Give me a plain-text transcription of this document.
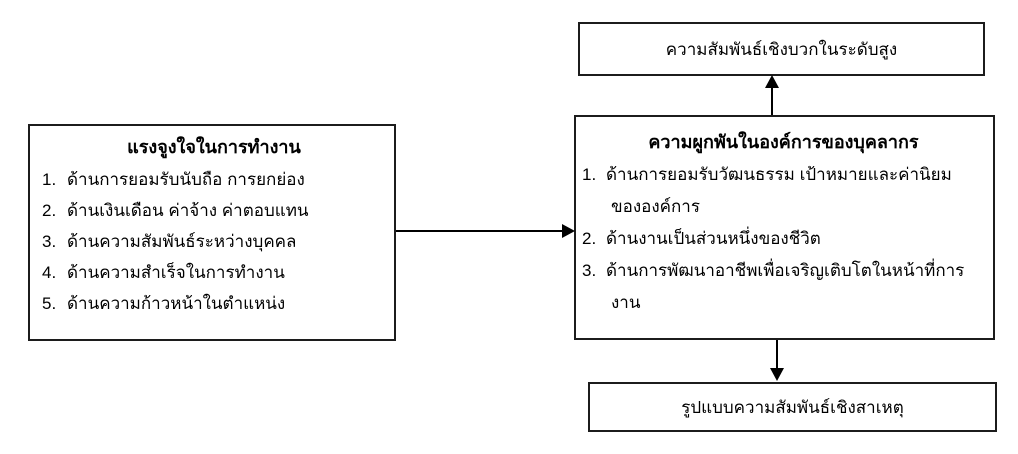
ความสัมพันธ์เชิงบวกในระดับสูง
แรงจูงใจในการทำงาน
1. ด้านการยอมรับนับถือ การยกย่อง
2. ด้านเงินเดือน ค่าจ้าง ค่าตอบแทน
3. ด้านความสัมพันธ์ระหว่างบุคคล
4. ด้านความสำเร็จในการทำงาน
5. ด้านความก้าวหน้าในตำแหน่ง
ความผูกพันในองค์การของบุคลากร
1. ด้านการยอมรับวัฒนธรรม เป้าหมายและค่านิยม
ขององค์การ
2. ด้านงานเป็นส่วนหนึ่งของชีวิต
3. ด้านการพัฒนาอาชีพเพื่อเจริญเติบโตในหน้าที่การ
งาน
รูปแบบความสัมพันธ์เชิงสาเหตุ
